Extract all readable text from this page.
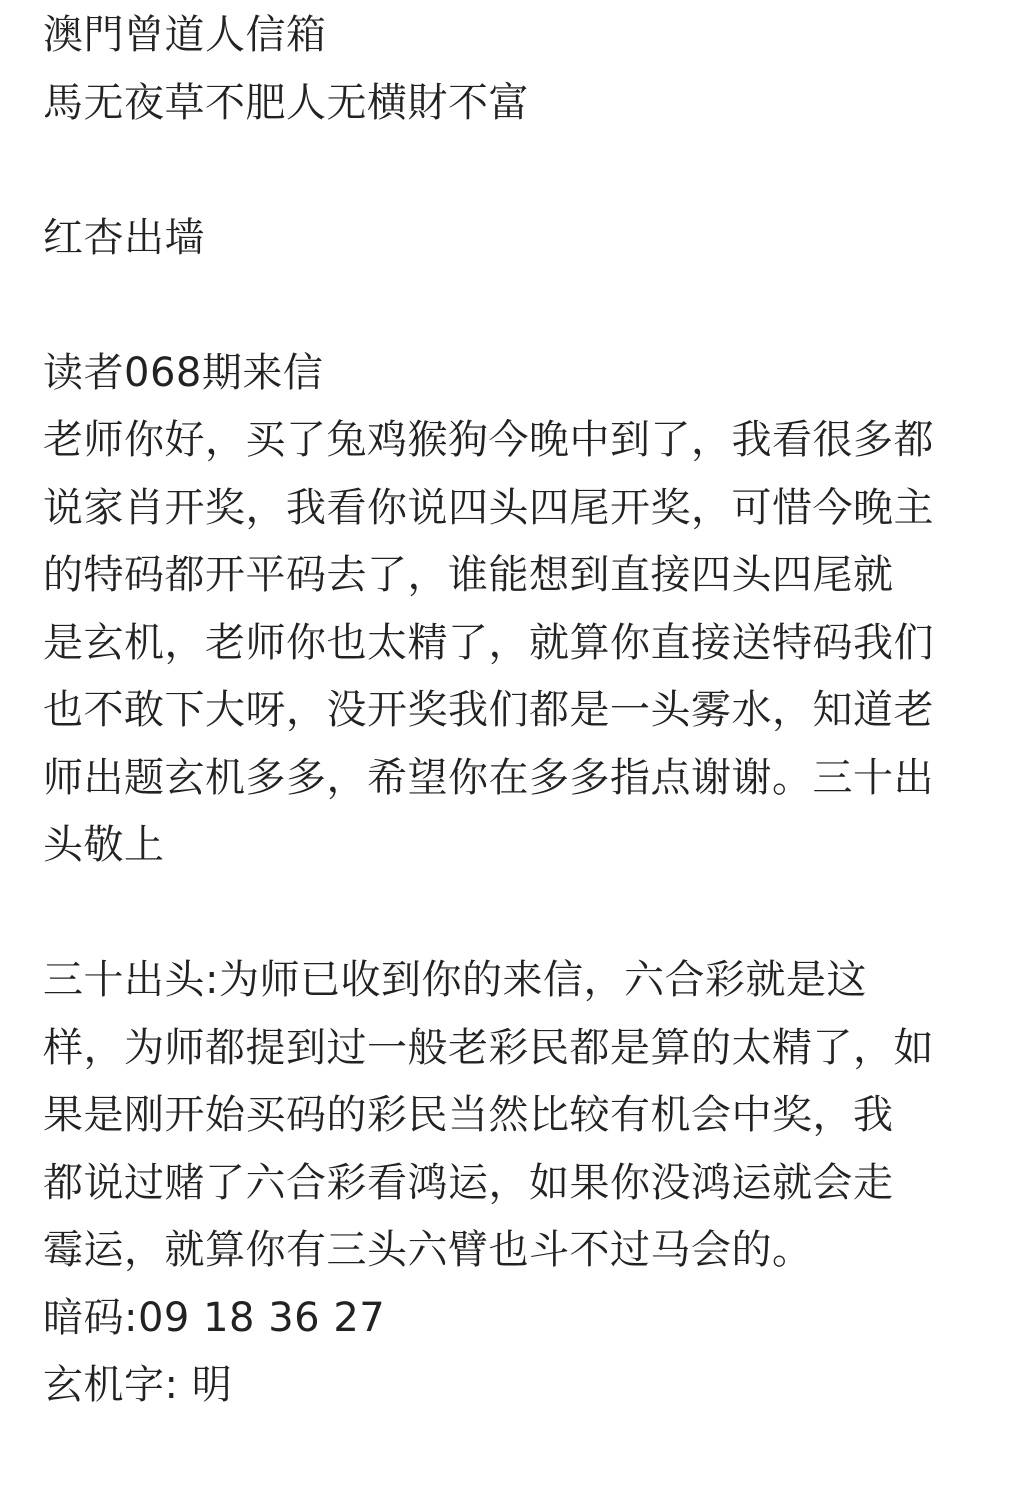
澳門曾道人信箱
馬无夜草不肥人无横財不富
红杏出墙
读者068期来信
老师你好，买了兔鸡猴狗今晚中到了，我看很多都
说家肖开奖，我看你说四头四尾开奖，可惜今晚主
的特码都开平码去了，谁能想到直接四头四尾就
是玄机，老师你也太精了，就算你直接送特码我们
也不敢下大呀，没开奖我们都是一头雾水，知道老
师出题玄机多多，希望你在多多指点谢谢。三十出
头敬上
三十出头:为师已收到你的来信，六合彩就是这
样，为师都提到过一般老彩民都是算的太精了，如
果是刚开始买码的彩民当然比较有机会中奖，我
都说过赌了六合彩看鸿运，如果你没鸿运就会走
霉运，就算你有三头六臂也斗不过马会的。
暗码:09 18 36 27
玄机字: 明
